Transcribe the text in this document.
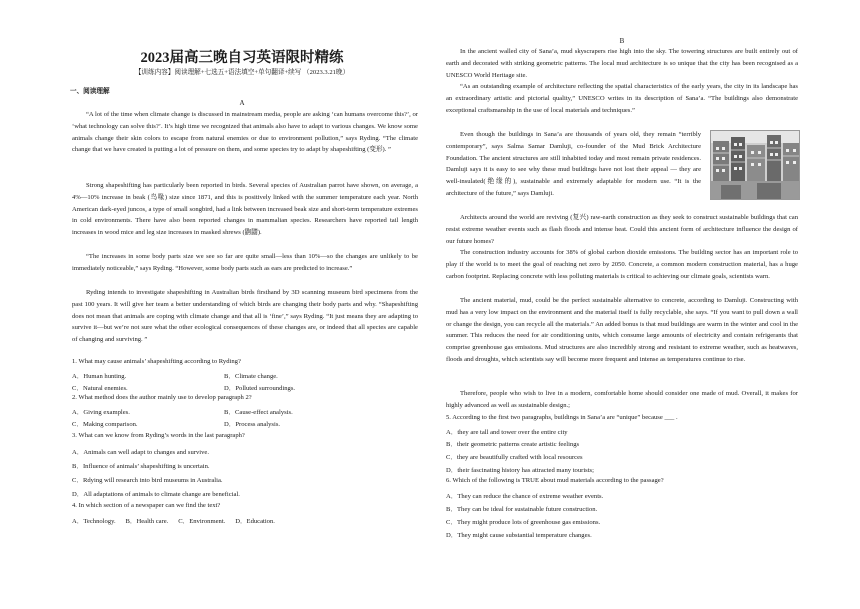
2023届高三晚自习英语限时精练
【训练内容】阅读理解+七选五+语法填空+单句翻译+续写 （2023.3.21晚）
一、阅读理解
A

“A lot of the time when climate change is discussed in mainstream media, people are asking ‘can humans overcome this?’, or ‘what technology can solve this?’. It’s high time we recognized that animals also have to adapt to various changes. We know some animals change their skin colors to escape from natural enemies or due to environment pollution,” says Ryding. “The climate change that we have created is putting a lot of pressure on them, and some species try to adapt by shapeshifting (变形). ”

Strong shapeshifting has particularly been reported in birds. Several species of Australian parrot have shown, on average, a 4%—10% increase in beak (鸟喙) size since 1871, and this is positively linked with the summer temperature each year. North American dark-eyed juncos, a type of small songbird, had a link between increased beak size and short-term temperature extremes in cold environments. There have also been reported changes in mammalian species. Researchers have reported tail length increases in wood mice and leg size increases in masked shrews (鼩鼱).

“The increases in some body parts size we see so far are quite small—less than 10%—so the changes are unlikely to be immediately noticeable,” says Ryding. “However, some body parts such as ears are predicted to increase.”

Ryding intends to investigate shapeshifting in Australian birds firsthand by 3D scanning museum bird specimens from the past 100 years. It will give her team a better understanding of which birds are changing their body parts and why. “Shapeshifting does not mean that animals are coping with climate change and that all is ‘fine’,” says Ryding. “It just means they are adapting to survive it—but we’re not sure what the other ecological consequences of these changes are, or indeed that all species are capable of changing and surviving. ”

1. What may cause animals’ shapeshifting according to Ryding?
A．Human hunting.	B．Climate change.
C．Natural enemies.	D．Polluted surroundings.
2. What method does the author mainly use to develop paragraph 2?
A．Giving examples.	B．Cause-effect analysis.
C．Making comparison.	D．Process analysis.
3. What can we know from Ryding’s words in the last paragraph?
A．Animals can well adapt to changes and survive.
B．Influence of animals’ shapeshifting is uncertain.
C．Rdying will research into bird museums in Australia.
D．All adaptations of animals to climate change are beneficial.
4. In which section of a newspaper can we find the text?
A．Technology.      B．Health care.      C．Environment.      D．Education.
B

In the ancient walled city of Sana’a, mud skyscrapers rise high into the sky. The towering structures are built entirely out of earth and decorated with striking geometric patterns. The local mud architecture is so unique that the city has been recognised as a UNESCO World Heritage site.

“As an outstanding example of architecture reflecting the spatial characteristics of the early years, the city in its landscape has an extraordinary artistic and pictorial quality,” UNESCO writes in its description of Sana’a. “The buildings also demonstrate exceptional craftsmanship in the use of local materials and techniques.”

Even though the buildings in Sana’a are thousands of years old, they remain “terribly contemporary”, says Salma Samar Damluji, co-founder of the Mud Brick Architecture Foundation. The ancient structures are still inhabited today and most remain private residences. Damluji says it is easy to see why these mud buildings have not lost their appeal — they are well-insulated(绝缘的), sustainable and extremely adaptable for modern use. “It is the architecture of the future,” says Damluji.

Architects around the world are reviving (复兴) raw-earth construction as they seek to construct sustainable buildings that can resist extreme weather events such as flash floods and intense heat. Could this ancient form of architecture influence the design of our future homes?

The construction industry accounts for 38% of global carbon dioxide emissions. The building sector has an important role to play if the world is to meet the goal of reaching net zero by 2050. Concrete, a common modern construction material, has a huge carbon footprint. Replacing concrete with less polluting materials is critical to achieving our climate goals, scientists warn.

The ancient material, mud, could be the perfect sustainable alternative to concrete, according to Damluji. Constructing with mud has a very low impact on the environment and the material itself is fully recyclable, she says. “If you want to pull down a wall or change the design, you can recycle all the materials.” An added bonus is that mud buildings are warm in the winter and cool in the summer. This reduces the need for air conditioning units, which consume large amounts of electricity and contain refrigerants that comprise greenhouse gas emissions. Mud structures are also incredibly strong and resistant to extreme weather, such as heatwaves, floods and droughts, which scientists say will become more frequent and intense as temperatures continue to rise.

Therefore, people who wish to live in a modern, comfortable home should consider one made of mud. Overall, it makes for highly advanced as well as sustainable design.;

5. According to the first two paragraphs, buildings in Sana’a are “unique” because ___ .
A．they are tall and tower over the entire city
B．their geometric patterns create artistic feelings
C．they are beautifully crafted with local resources
D．their fascinating history has attracted many tourists;
6. Which of the following is TRUE about mud materials according to the passage?
A．They can reduce the chance of extreme weather events.
B．They can be ideal for sustainable future construction.
C．They might produce lots of greenhouse gas emissions.
D．They might cause substantial temperature changes.
